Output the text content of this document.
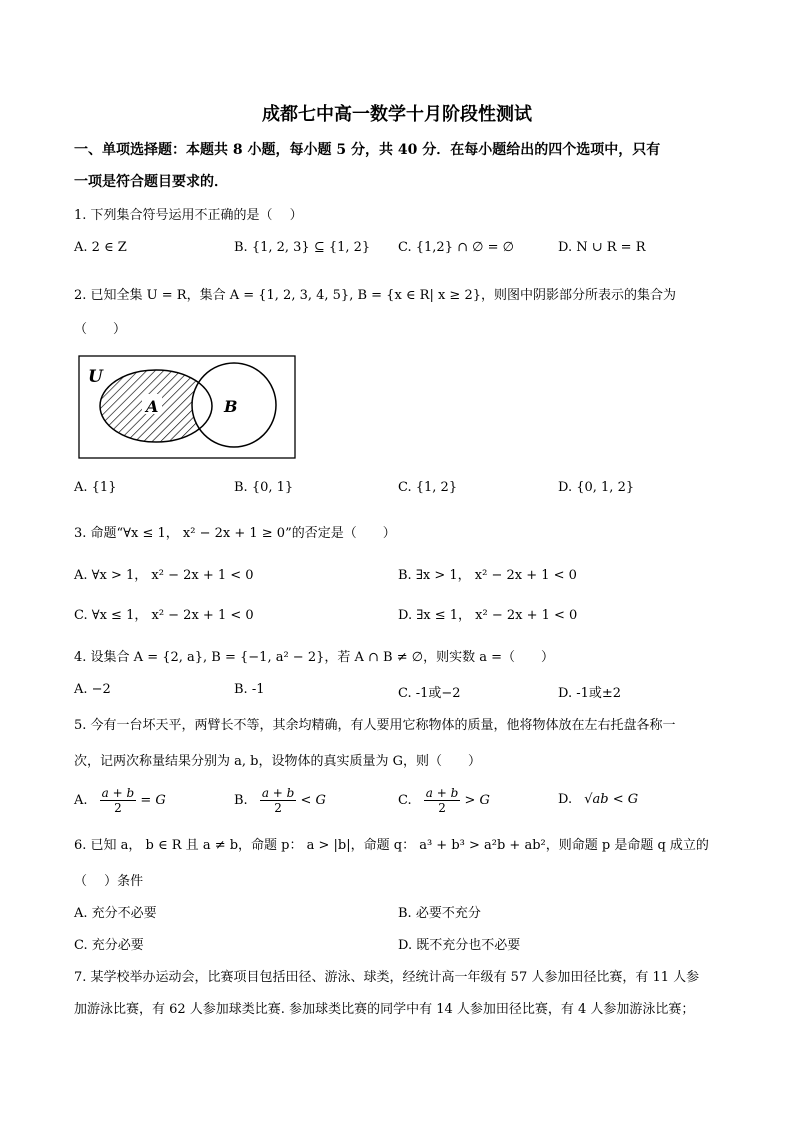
成都七中高一数学十月阶段性测试
一、单项选择题：本题共 8 小题，每小题 5 分，共 40 分．在每小题给出的四个选项中，只有
一项是符合题目要求的．
1. 下列集合符号运用不正确的是（　 ）
A. 2 ∈ Z	B. {1, 2, 3} ⊆ {1, 2} C. {1,2} ∩ ∅ = ∅	D. N ∪ R = R
2. 已知全集 U = R，集合 A = {1, 2, 3, 4, 5}, B = {x ∈ R| x ≥ 2}，则图中阴影部分所表示的集合为
（　　）
U
A	B
A. {1}	B. {0, 1}	C. {1, 2}	D. {0, 1, 2}
3. 命题“∀x ≤ 1， x² − 2x + 1 ≥ 0”的否定是（　　）
A. ∀x > 1， x² − 2x + 1 < 0	B. ∃x > 1， x² − 2x + 1 < 0
C. ∀x ≤ 1， x² − 2x + 1 < 0	D. ∃x ≤ 1， x² − 2x + 1 < 0
4. 设集合 A = {2, a}, B = {−1, a² − 2}，若 A ∩ B ≠ ∅，则实数 a =（　　）
A. −2	B. -1	C. -1或−2	D. -1或±2
5. 今有一台坏天平，两臂长不等，其余均精确，有人要用它称物体的质量，他将物体放在左右托盘各称一
次，记两次称量结果分别为 a, b，设物体的真实质量为 G，则（　　）
A. $\frac{a + b}{2} = G$	B. $\frac{a + b}{2} < G$	C. $\frac{a + b}{2} > G$	D. √ab < G
6. 已知 a， b ∈ R 且 a ≠ b，命题 p： a > |b|，命题 q： a³ + b³ > a²b + ab²，则命题 p 是命题 q 成立的
（　 ）条件
A. 充分不必要	B. 必要不充分
C. 充分必要	D. 既不充分也不必要
7. 某学校举办运动会，比赛项目包括田径、游泳、球类，经统计高一年级有 57 人参加田径比赛，有 11 人参
加游泳比赛，有 62 人参加球类比赛. 参加球类比赛的同学中有 14 人参加田径比赛，有 4 人参加游泳比赛；
